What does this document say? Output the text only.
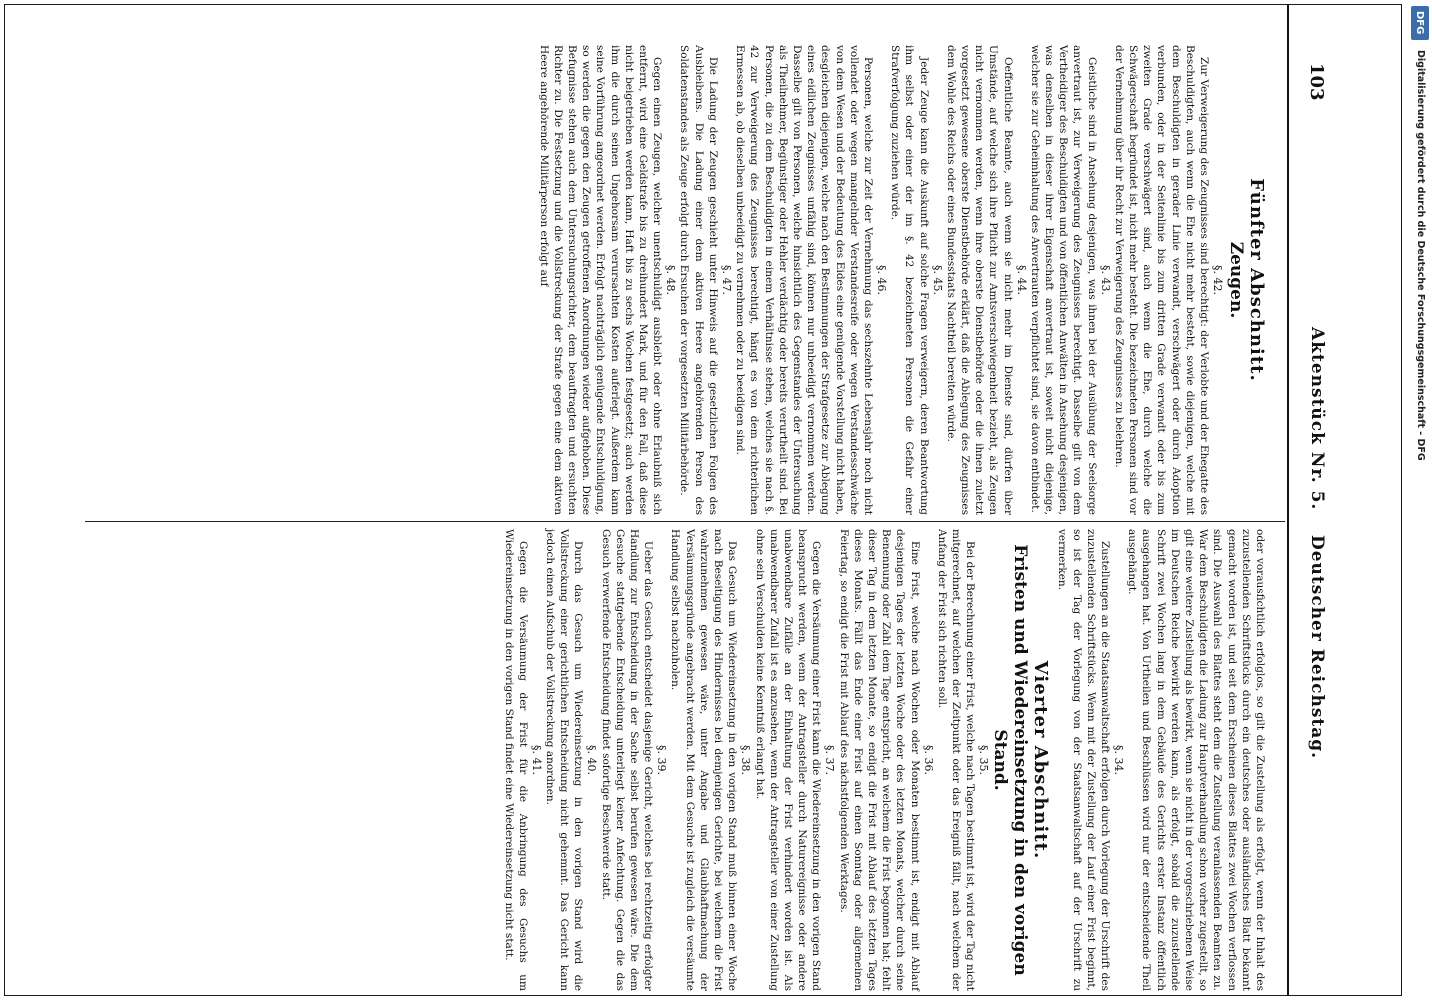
103
Aktenstück Nr. 5.
Deutscher Reichstag.
Fünfter Abschnitt.
Zeugen.
§. 42.
Zur Verweigerung des Zeugnisses sind berechtigt: der Verlobte und der Ehegatte des Beschuldigten, auch wenn die Ehe nicht mehr besteht, sowie diejenigen, welche mit dem Beschuldigten in gerader Linie verwandt, verschwägert oder durch Adoption verbunden, oder in der Seitenlinie bis zum dritten Grade verwandt oder bis zum zweiten Grade verschwägert sind, auch wenn die Ehe, durch welche die Schwägerschaft begründet ist, nicht mehr besteht. Die bezeichneten Personen sind vor der Vernehmung über ihr Recht zur Verweigerung des Zeugnisses zu belehren.
§. 43.
Geistliche sind in Ansehung desjenigen, was ihnen bei der Ausübung der Seelsorge anvertraut ist, zur Verweigerung des Zeugnisses berechtigt. Dasselbe gilt von dem Vertheidiger des Beschuldigten und von öffentlichen Anwälten in Ansehung desjenigen, was denselben in dieser ihrer Eigenschaft anvertraut ist, soweit nicht diejenige, welcher sie zur Geheimhaltung des Anvertrauten verpflichtet sind, sie davon entbindet.
§. 44.
Oeffentliche Beamte, auch wenn sie nicht mehr im Dienste sind, dürfen über Umstände, auf welche sich ihre Pflicht zur Amtsverschwiegenheit bezieht, als Zeugen nicht vernommen werden, wenn ihre oberste Dienstbehörde oder die ihnen zuletzt vorgesetzt gewesene oberste Dienstbehörde erklärt, daß die Ablegung des Zeugnisses dem Wohle des Reichs oder eines Bundesstaats Nachtheil bereiten würde.
§. 45.
Jeder Zeuge kann die Auskunft auf solche Fragen verweigern, deren Beantwortung ihm selbst oder einer der im §. 42 bezeichneten Personen die Gefahr einer Strafverfolgung zuziehen würde.
§. 46.
Personen, welche zur Zeit der Vernehmung das sechszehnte Lebensjahr noch nicht vollendet oder wegen mangelnder Verstandesreife oder wegen Verstandesschwäche von dem Wesen und der Bedeutung des Eides eine genügende Vorstellung nicht haben, desgleichen diejenigen, welche nach den Bestimmungen der Strafgesetze zur Ablegung eines eidlichen Zeugnisses unfähig sind, können nur unbeeidigt vernommen werden. Dasselbe gilt von Personen, welche hinsichtlich des Gegenstandes der Untersuchung als Theilnehmer, Begünstiger oder Hehler verdächtig oder bereits verurtheilt sind. Bei Personen, die zu dem Beschuldigten in einem Verhältnisse stehen, welches sie nach §. 42 zur Verweigerung des Zeugnisses berechtigt, hängt es von dem richterlichen Ermessen ab, ob dieselben unbeeidigt zu vernehmen oder zu beeidigen sind.
§. 47.
Die Ladung der Zeugen geschieht unter Hinweis auf die gesetzlichen Folgen des Ausbleibens. Die Ladung einer dem aktiven Heere angehörenden Person des Soldatenstandes als Zeuge erfolgt durch Ersuchen der vorgesetzten Militärbehörde.
§. 48.
Gegen einen Zeugen, welcher unentschuldigt ausbleibt oder ohne Erlaubniß sich entfernt, wird eine Geldstrafe bis zu dreihundert Mark, und für den Fall, daß diese nicht beigetrieben werden kann, Haft bis zu sechs Wochen festgesetzt; auch werden ihm die durch seinen Ungehorsam verursachten Kosten auferlegt. Außerdem kann seine Vorführung angeordnet werden. Erfolgt nachträglich genügende Entschuldigung, so werden die gegen den Zeugen getroffenen Anordnungen wieder aufgehoben. Diese Befugnisse stehen auch dem Untersuchungsrichter, dem beauftragten und ersuchten Richter zu. Die Festsetzung und die Vollstreckung der Strafe gegen eine dem aktiven Heere angehörende Militärperson erfolgt auf
oder vorausfichtlich erfolglos, so gilt die Zustellung als erfolgt, wenn der Inhalt des zuzustellenden Schriftstücks durch ein deutsches oder ausländisches Blatt bekannt gemacht worden ist, und seit dem Erscheinen dieses Blattes zwei Wochen verflossen sind. Die Auswahl des Blattes steht dem die Zustellung veranlassenden Beamten zu. War dem Beschuldigten die Ladung zur Hauptverhandlung schon vorher zugestellt, so gilt eine weitere Zustellung als bewirkt, wenn sie nicht in der vorgeschriebenen Weise im Deutschen Reiche bewirkt werden kann, als erfolgt, sobald die zuzustellende Schrift zwei Wochen lang in dem Gebäude des Gerichts erster Instanz öffentlich ausgehangen hat. Von Urtheilen und Beschlüssen wird nur der entscheidende Theil ausgehängt.
§. 34.
Zustellungen an die Staatsanwaltschaft erfolgen durch Vorlegung der Urschrift des zuzustellenden Schriftstücks. Wenn mit der Zustellung der Lauf einer Frist beginnt, so ist der Tag der Vorlegung von der Staatsanwaltschaft auf der Urschrift zu vermerken.
Vierter Abschnitt.
Fristen und Wiedereinsetzung in den vorigen Stand.
§. 35.
Bei der Berechnung einer Frist, welche nach Tagen bestimmt ist, wird der Tag nicht mitgerechnet, auf welchen der Zeitpunkt oder das Ereigniß fällt, nach welchem der Anfang der Frist sich richten soll.
§. 36.
Eine Frist, welche nach Wochen oder Monaten bestimmt ist, endigt mit Ablauf desjenigen Tages der letzten Woche oder des letzten Monats, welcher durch seine Benennung oder Zahl dem Tage entspricht, an welchem die Frist begonnen hat; fehlt dieser Tag in dem letzten Monate, so endigt die Frist mit Ablauf des letzten Tages dieses Monats. Fällt das Ende einer Frist auf einen Sonntag oder allgemeinen Feiertag, so endigt die Frist mit Ablauf des nächstfolgenden Werktages.
§. 37.
Gegen die Versäumung einer Frist kann die Wiedereinsetzung in den vorigen Stand beansprucht werden, wenn der Antragsteller durch Naturereignisse oder andere unabwendbare Zufälle an der Einhaltung der Frist verhindert worden ist. Als unabwendbarer Zufall ist es anzusehen, wenn der Antragsteller von einer Zustellung ohne sein Verschulden keine Kenntniß erlangt hat.
§. 38.
Das Gesuch um Wiedereinsetzung in den vorigen Stand muß binnen einer Woche nach Beseitigung des Hindernisses bei demjenigen Gerichte, bei welchem die Frist wahrzunehmen gewesen wäre, unter Angabe und Glaubhaftmachung der Versäumungsgründe angebracht werden. Mit dem Gesuche ist zugleich die versäumte Handlung selbst nachzuholen.
§. 39.
Ueber das Gesuch entscheidet dasjenige Gericht, welches bei rechtzeitig erfolgter Handlung zur Entscheidung in der Sache selbst berufen gewesen wäre. Die dem Gesuche stattgebende Entscheidung unterliegt keiner Anfechtung. Gegen die das Gesuch verwerfende Entscheidung findet sofortige Beschwerde statt.
§. 40.
Durch das Gesuch um Wiedereinsetzung in den vorigen Stand wird die Vollstreckung einer gerichtlichen Entscheidung nicht gehemmt. Das Gericht kann jedoch einen Aufschub der Vollstreckung anordnen.
§. 41.
Gegen die Versäumung der Frist für die Anbringung des Gesuchs um Wiedereinsetzung in den vorigen Stand findet eine Wiedereinsetzung nicht statt.
Digitalisierung gefördert durch die Deutsche Forschungsgemeinschaft - DFG
DFG
